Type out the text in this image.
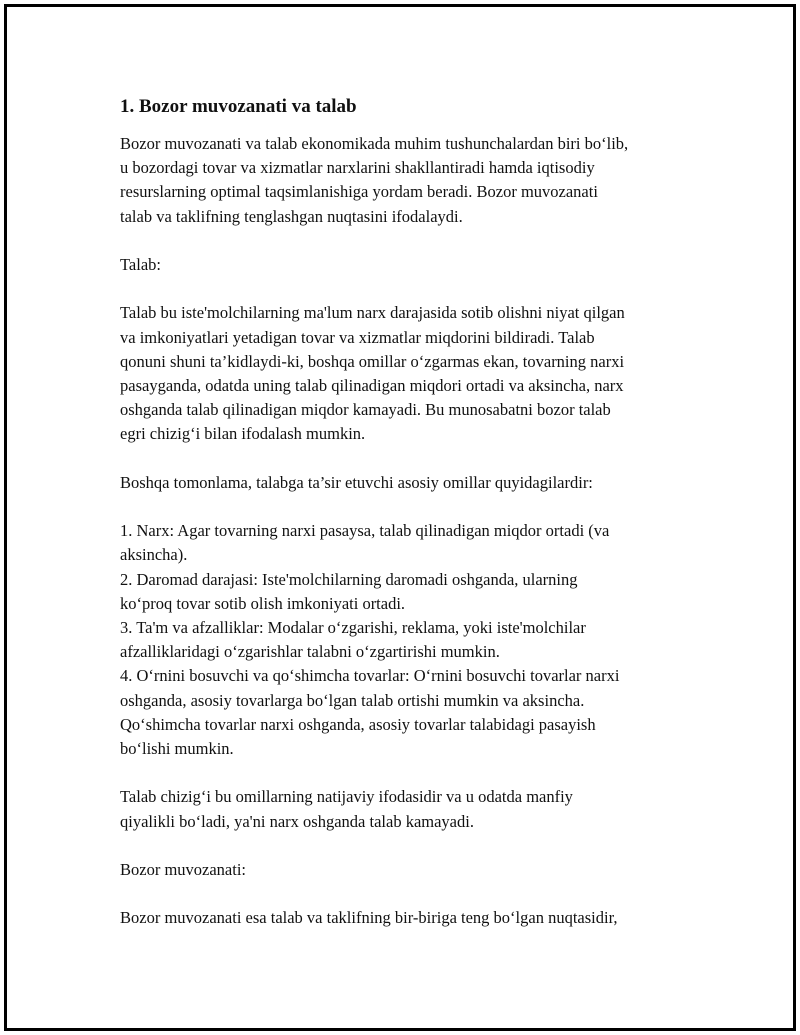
1. Bozor muvozanati va talab

Bozor muvozanati va talab ekonomikada muhim tushunchalardan biri bo‘lib,
u bozordagi tovar va xizmatlar narxlarini shakllantiradi hamda iqtisodiy
resurslarning optimal taqsimlanishiga yordam beradi. Bozor muvozanati
talab va taklifning tenglashgan nuqtasini ifodalaydi.

Talab:

Talab bu iste'molchilarning ma'lum narx darajasida sotib olishni niyat qilgan
va imkoniyatlari yetadigan tovar va xizmatlar miqdorini bildiradi. Talab
qonuni shuni ta’kidlaydi-ki, boshqa omillar o‘zgarmas ekan, tovarning narxi
pasayganda, odatda uning talab qilinadigan miqdori ortadi va aksincha, narx
oshganda talab qilinadigan miqdor kamayadi. Bu munosabatni bozor talab
egri chizig‘i bilan ifodalash mumkin.

Boshqa tomonlama, talabga ta’sir etuvchi asosiy omillar quyidagilardir:

1. Narx: Agar tovarning narxi pasaysa, talab qilinadigan miqdor ortadi (va
aksincha).
2. Daromad darajasi: Iste'molchilarning daromadi oshganda, ularning
ko‘proq tovar sotib olish imkoniyati ortadi.
3. Ta'm va afzalliklar: Modalar o‘zgarishi, reklama, yoki iste'molchilar
afzalliklaridagi o‘zgarishlar talabni o‘zgartirishi mumkin.
4. O‘rnini bosuvchi va qo‘shimcha tovarlar: O‘rnini bosuvchi tovarlar narxi
oshganda, asosiy tovarlarga bo‘lgan talab ortishi mumkin va aksincha.
Qo‘shimcha tovarlar narxi oshganda, asosiy tovarlar talabidagi pasayish
bo‘lishi mumkin.

Talab chizig‘i bu omillarning natijaviy ifodasidir va u odatda manfiy
qiyalikli bo‘ladi, ya'ni narx oshganda talab kamayadi.

Bozor muvozanati:

Bozor muvozanati esa talab va taklifning bir-biriga teng bo‘lgan nuqtasidir,
